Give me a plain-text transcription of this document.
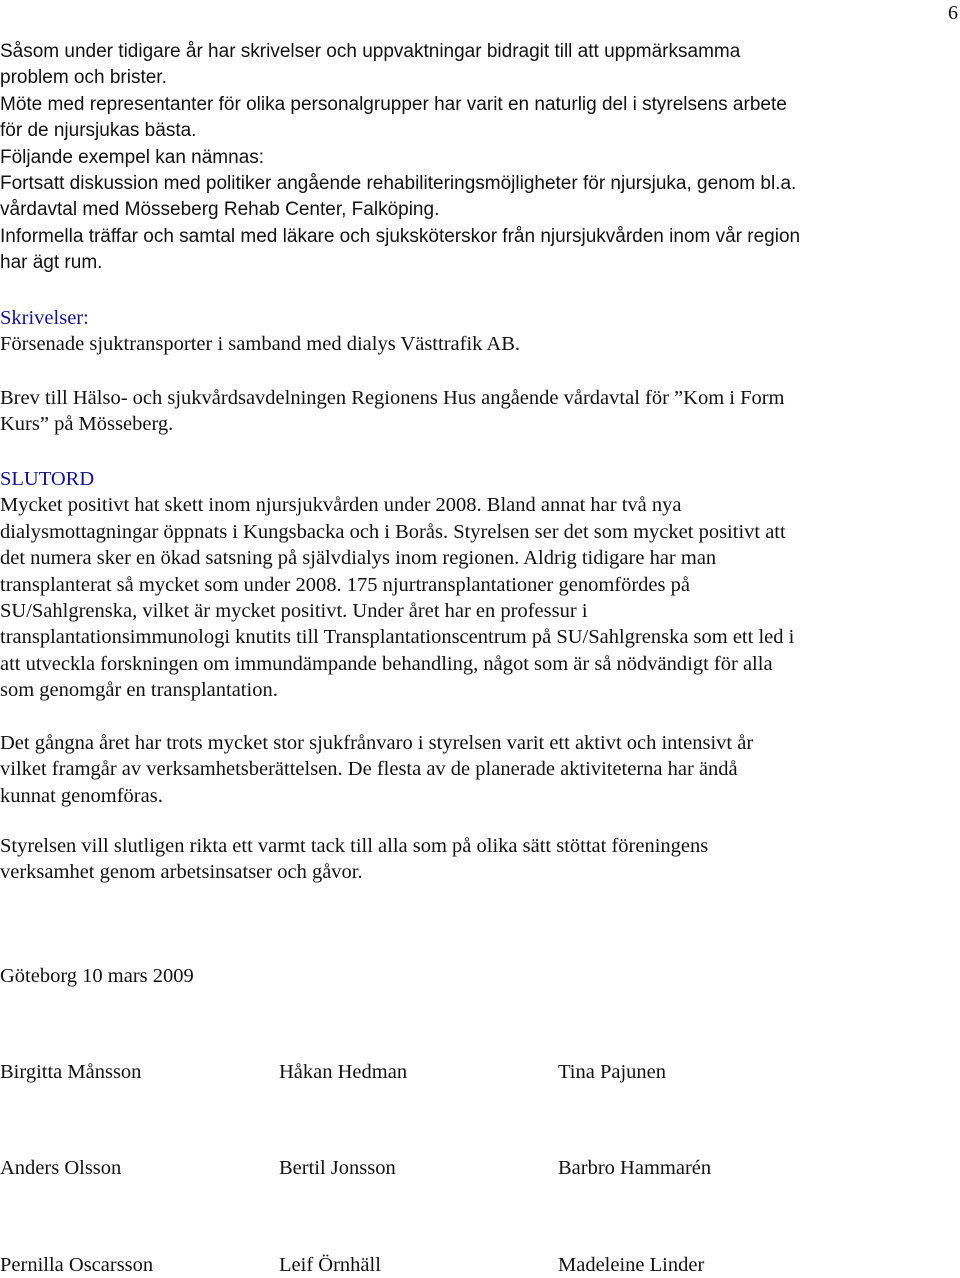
6
Såsom under tidigare år har skrivelser och uppvaktningar bidragit till att uppmärksamma
problem och brister.
Möte med representanter för olika personalgrupper har varit en naturlig del i styrelsens arbete
för de njursjukas bästa.
Följande exempel kan nämnas:
Fortsatt diskussion med politiker angående rehabiliteringsmöjligheter för njursjuka, genom bl.a.
vårdavtal med Mösseberg Rehab Center, Falköping.
Informella träffar och samtal med läkare och sjuksköterskor från njursjukvården inom vår region
har ägt rum.
Skrivelser:
Försenade sjuktransporter i samband med dialys Västtrafik AB.
Brev till Hälso- och sjukvårdsavdelningen Regionens Hus angående vårdavtal för ”Kom i Form
Kurs” på Mösseberg.
SLUTORD
Mycket positivt hat skett inom njursjukvården under 2008. Bland annat har två nya
dialysmottagningar öppnats i Kungsbacka och i Borås. Styrelsen ser det som mycket positivt att
det numera sker en ökad satsning på självdialys inom regionen. Aldrig tidigare har man
transplanterat så mycket som under 2008. 175 njurtransplantationer genomfördes på
SU/Sahlgrenska, vilket är mycket positivt. Under året har en professur i
transplantationsimmunologi knutits till Transplantationscentrum på SU/Sahlgrenska som ett led i
att utveckla forskningen om immundämpande behandling, något som är så nödvändigt för alla
som genomgår en transplantation.
Det gångna året har trots mycket stor sjukfrånvaro i styrelsen varit ett aktivt och intensivt år
vilket framgår av verksamhetsberättelsen. De flesta av de planerade aktiviteterna har ändå
kunnat genomföras.
Styrelsen vill slutligen rikta ett varmt tack till alla som på olika sätt stöttat föreningens
verksamhet genom arbetsinsatser och gåvor.
Göteborg 10 mars 2009
Birgitta Månsson	Håkan Hedman	Tina Pajunen
Anders Olsson	Bertil Jonsson	Barbro Hammarén
Pernilla Oscarsson	Leif Örnhäll	Madeleine Linder
